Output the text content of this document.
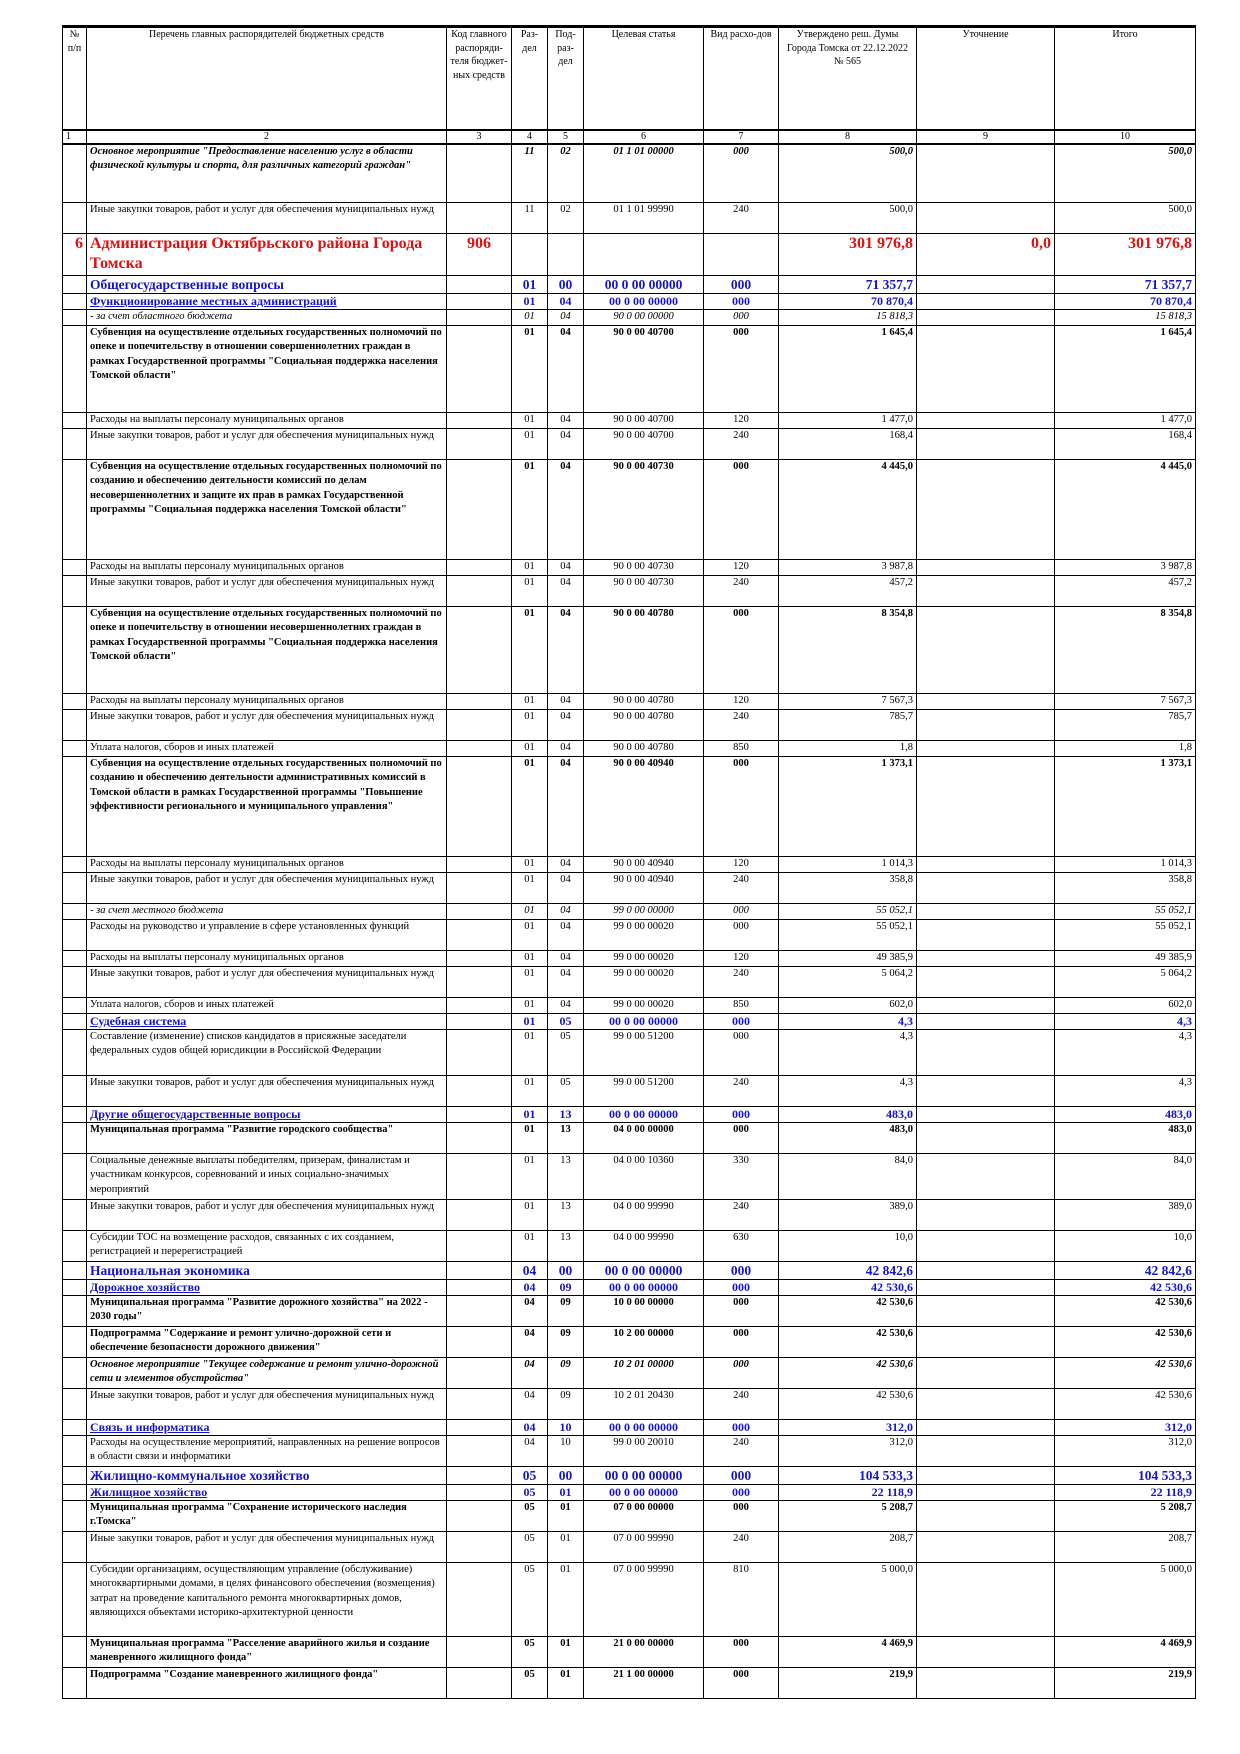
№ п/п	Перечень главных распорядителей бюджетных средств	Код главного распоряди-теля бюджет-ных средств	Раз-дел	Под-раз-дел	Целевая статья	Вид расхо-дов	Утверждено реш. Думы Города Томска от 22.12.2022 № 565	Уточнение	Итого
1	2	3	4	5	6	7	8	9	10
	Основное мероприятие "Предоставление населению услуг в области физической культуры и спорта, для различных категорий граждан"		11	02	01 1 01 00000	000	500,0		500,0
	Иные закупки товаров, работ и услуг для обеспечения муниципальных нужд		11	02	01 1 01 99990	240	500,0		500,0
6	Администрация Октябрьского района Города Томска	906					301 976,8	0,0	301 976,8
	Общегосударственные вопросы		01	00	00 0 00 00000	000	71 357,7		71 357,7
	Функционирование местных администраций		01	04	00 0 00 00000	000	70 870,4		70 870,4
	- за счет областного бюджета		01	04	90 0 00 00000	000	15 818,3		15 818,3
	Субвенция на осуществление отдельных государственных полномочий по опеке и попечительству в отношении совершеннолетних граждан в рамках Государственной программы "Социальная поддержка населения Томской области"		01	04	90 0 00 40700	000	1 645,4		1 645,4
	Расходы на выплаты персоналу муниципальных органов		01	04	90 0 00 40700	120	1 477,0		1 477,0
	Иные закупки товаров, работ и услуг для обеспечения муниципальных нужд		01	04	90 0 00 40700	240	168,4		168,4
	Субвенция на осуществление отдельных государственных полномочий по созданию и обеспечению деятельности комиссий по делам несовершеннолетних и защите их прав в рамках Государственной программы "Социальная поддержка населения Томской области"		01	04	90 0 00 40730	000	4 445,0		4 445,0
	Расходы на выплаты персоналу муниципальных органов		01	04	90 0 00 40730	120	3 987,8		3 987,8
	Иные закупки товаров, работ и услуг для обеспечения муниципальных нужд		01	04	90 0 00 40730	240	457,2		457,2
	Субвенция на осуществление отдельных государственных полномочий по опеке и попечительству в отношении несовершеннолетних граждан в рамках Государственной программы "Социальная поддержка населения Томской области"		01	04	90 0 00 40780	000	8 354,8		8 354,8
	Расходы на выплаты персоналу муниципальных органов		01	04	90 0 00 40780	120	7 567,3		7 567,3
	Иные закупки товаров, работ и услуг для обеспечения муниципальных нужд		01	04	90 0 00 40780	240	785,7		785,7
	Уплата налогов, сборов и иных платежей		01	04	90 0 00 40780	850	1,8		1,8
	Субвенция на осуществление отдельных государственных полномочий по созданию и обеспечению деятельности административных комиссий в Томской области в рамках Государственной программы "Повышение эффективности регионального и муниципального управления"		01	04	90 0 00 40940	000	1 373,1		1 373,1
	Расходы на выплаты персоналу муниципальных органов		01	04	90 0 00 40940	120	1 014,3		1 014,3
	Иные закупки товаров, работ и услуг для обеспечения муниципальных нужд		01	04	90 0 00 40940	240	358,8		358,8
	- за счет местного бюджета		01	04	99 0 00 00000	000	55 052,1		55 052,1
	Расходы на руководство и управление в сфере установленных функций		01	04	99 0 00 00020	000	55 052,1		55 052,1
	Расходы на выплаты персоналу муниципальных органов		01	04	99 0 00 00020	120	49 385,9		49 385,9
	Иные закупки товаров, работ и услуг для обеспечения муниципальных нужд		01	04	99 0 00 00020	240	5 064,2		5 064,2
	Уплата налогов, сборов и иных платежей		01	04	99 0 00 00020	850	602,0		602,0
	Судебная система		01	05	00 0 00 00000	000	4,3		4,3
	Составление (изменение) списков кандидатов в присяжные заседатели федеральных судов общей юрисдикции в Российской Федерации		01	05	99 0 00 51200	000	4,3		4,3
	Иные закупки товаров, работ и услуг для обеспечения муниципальных нужд		01	05	99 0 00 51200	240	4,3		4,3
	Другие общегосударственные вопросы		01	13	00 0 00 00000	000	483,0		483,0
	Муниципальная программа "Развитие городского сообщества"		01	13	04 0 00 00000	000	483,0		483,0
	Социальные денежные выплаты победителям, призерам, финалистам и участникам конкурсов, соревнований и иных социально-значимых мероприятий		01	13	04 0 00 10360	330	84,0		84,0
	Иные закупки товаров, работ и услуг для обеспечения муниципальных нужд		01	13	04 0 00 99990	240	389,0		389,0
	Субсидии ТОС на возмещение расходов, связанных с их созданием, регистрацией и перерегистрацией		01	13	04 0 00 99990	630	10,0		10,0
	Национальная экономика		04	00	00 0 00 00000	000	42 842,6		42 842,6
	Дорожное хозяйство		04	09	00 0 00 00000	000	42 530,6		42 530,6
	Муниципальная программа "Развитие дорожного хозяйства" на 2022 - 2030 годы"		04	09	10 0 00 00000	000	42 530,6		42 530,6
	Подпрограмма "Содержание и ремонт улично-дорожной сети и обеспечение безопасности дорожного движения"		04	09	10 2 00 00000	000	42 530,6		42 530,6
	Основное мероприятие "Текущее содержание и ремонт улично-дорожной сети и элементов обустройства"		04	09	10 2 01 00000	000	42 530,6		42 530,6
	Иные закупки товаров, работ и услуг для обеспечения муниципальных нужд		04	09	10 2 01 20430	240	42 530,6		42 530,6
	Связь и информатика		04	10	00 0 00 00000	000	312,0		312,0
	Расходы на осуществление мероприятий, направленных на решение вопросов в области связи и информатики		04	10	99 0 00 20010	240	312,0		312,0
	Жилищно-коммунальное хозяйство		05	00	00 0 00 00000	000	104 533,3		104 533,3
	Жилищное хозяйство		05	01	00 0 00 00000	000	22 118,9		22 118,9
	Муниципальная программа "Сохранение исторического наследия г.Томска"		05	01	07 0 00 00000	000	5 208,7		5 208,7
	Иные закупки товаров, работ и услуг для обеспечения муниципальных нужд		05	01	07 0 00 99990	240	208,7		208,7
	Субсидии организациям, осуществляющим управление (обслуживание) многоквартирными домами, в целях финансового обеспечения (возмещения) затрат на проведение капитального ремонта многоквартирных домов, являющихся объектами историко-архитектурной ценности		05	01	07 0 00 99990	810	5 000,0		5 000,0
	Муниципальная программа "Расселение аварийного жилья и создание маневренного жилищного фонда"		05	01	21 0 00 00000	000	4 469,9		4 469,9
	Подпрограмма "Создание маневренного жилищного фонда"		05	01	21 1 00 00000	000	219,9		219,9
